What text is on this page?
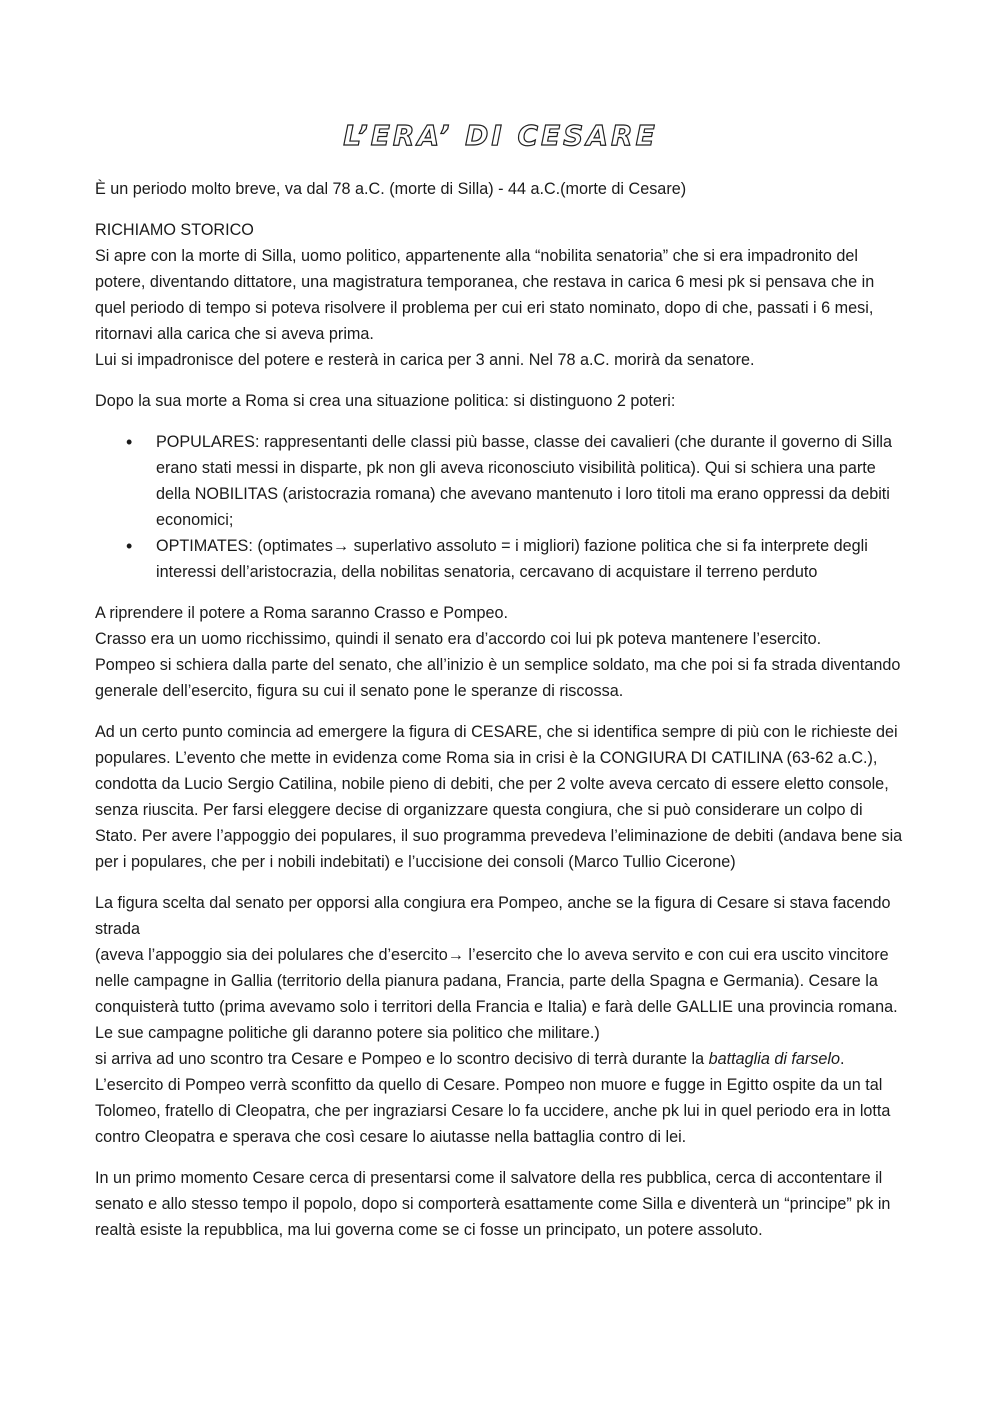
L’ERA’ DI CESARE

È un periodo molto breve, va dal 78 a.C. (morte di Silla) - 44 a.C.(morte di Cesare)

RICHIAMO STORICO

Si apre con la morte di Silla, uomo politico, appartenente alla “nobilita senatoria” che si era impadronito del potere, diventando dittatore, una magistratura temporanea, che restava in carica 6 mesi pk si pensava che in quel periodo di tempo si poteva risolvere il problema per cui eri stato nominato, dopo di che, passati i 6 mesi, ritornavi alla carica che si aveva prima.

Lui si impadronisce del potere e resterà in carica per 3 anni. Nel 78 a.C. morirà da senatore.

Dopo la sua morte a Roma si crea una situazione politica: si distinguono 2 poteri:

• POPULARES: rappresentanti delle classi più basse, classe dei cavalieri (che durante il governo di Silla erano stati messi in disparte, pk non gli aveva riconosciuto visibilità politica). Qui si schiera una parte della NOBILITAS (aristocrazia romana) che avevano mantenuto i loro titoli ma erano oppressi da debiti economici;
• OPTIMATES: (optimates→ superlativo assoluto = i migliori) fazione politica che si fa interprete degli interessi dell’aristocrazia, della nobilitas senatoria, cercavano di acquistare il terreno perduto

A riprendere il potere a Roma saranno Crasso e Pompeo.

Crasso era un uomo ricchissimo, quindi il senato era d’accordo coi lui pk poteva mantenere l’esercito.

Pompeo si schiera dalla parte del senato, che all’inizio è un semplice soldato, ma che poi si fa strada diventando generale dell’esercito, figura su cui il senato pone le speranze di riscossa.

Ad un certo punto comincia ad emergere la figura di CESARE, che si identifica sempre di più con le richieste dei populares. L’evento che mette in evidenza come Roma sia in crisi è la CONGIURA DI CATILINA (63-62 a.C.), condotta da Lucio Sergio Catilina, nobile pieno di debiti, che per 2 volte aveva cercato di essere eletto console, senza riuscita. Per farsi eleggere decise di organizzare questa congiura, che si può considerare un colpo di Stato. Per avere l’appoggio dei populares, il suo programma prevedeva l’eliminazione de debiti (andava bene sia per i populares, che per i nobili indebitati) e l’uccisione dei consoli (Marco Tullio Cicerone)

La figura scelta dal senato per opporsi alla congiura era Pompeo, anche se la figura di Cesare si stava facendo strada

(aveva l’appoggio sia dei polulares che d’esercito→ l’esercito che lo aveva servito e con cui era uscito vincitore nelle campagne in Gallia (territorio della pianura padana, Francia, parte della Spagna e Germania). Cesare la conquisterà tutto (prima avevamo solo i territori della Francia e Italia) e farà delle GALLIE una provincia romana. Le sue campagne politiche gli daranno potere sia politico che militare.)

si arriva ad uno scontro tra Cesare e Pompeo e lo scontro decisivo di terrà durante la battaglia di farselo.

L’esercito di Pompeo verrà sconfitto da quello di Cesare. Pompeo non muore e fugge in Egitto ospite da un tal Tolomeo, fratello di Cleopatra, che per ingraziarsi Cesare lo fa uccidere, anche pk lui in quel periodo era in lotta contro Cleopatra e sperava che così cesare lo aiutasse nella battaglia contro di lei.

In un primo momento Cesare cerca di presentarsi come il salvatore della res pubblica, cerca di accontentare il senato e allo stesso tempo il popolo, dopo si comporterà esattamente come Silla e diventerà un “principe” pk in realtà esiste la repubblica, ma lui governa come se ci fosse un principato, un potere assoluto.
